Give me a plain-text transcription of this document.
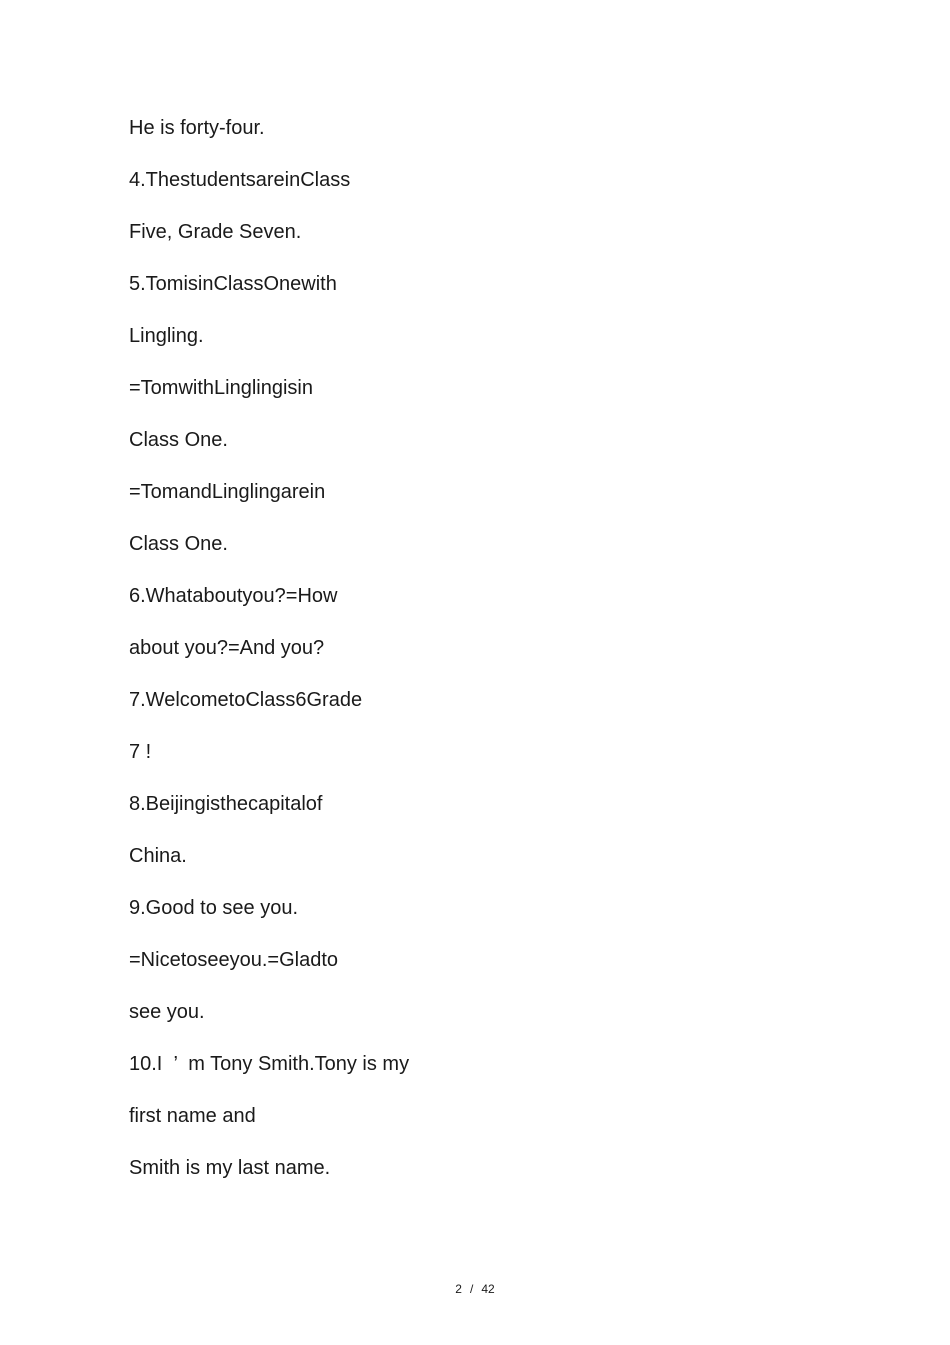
He is forty-four.
4.ThestudentsareinClass
Five, Grade Seven.
5.TomisinClassOnewith
Lingling.
=TomwithLinglingisin
Class One.
=TomandLinglingarein
Class One.
6.Whataboutyou?=How
about you?=And you?
7.WelcometoClass6Grade
7 !
8.Beijingisthecapitalof
China.
9.Good to see you.
=Nicetoseeyou.=Gladto
see you.
10.I  ’  m Tony Smith.Tony is my
first name and
Smith is my last name.
2 / 42
